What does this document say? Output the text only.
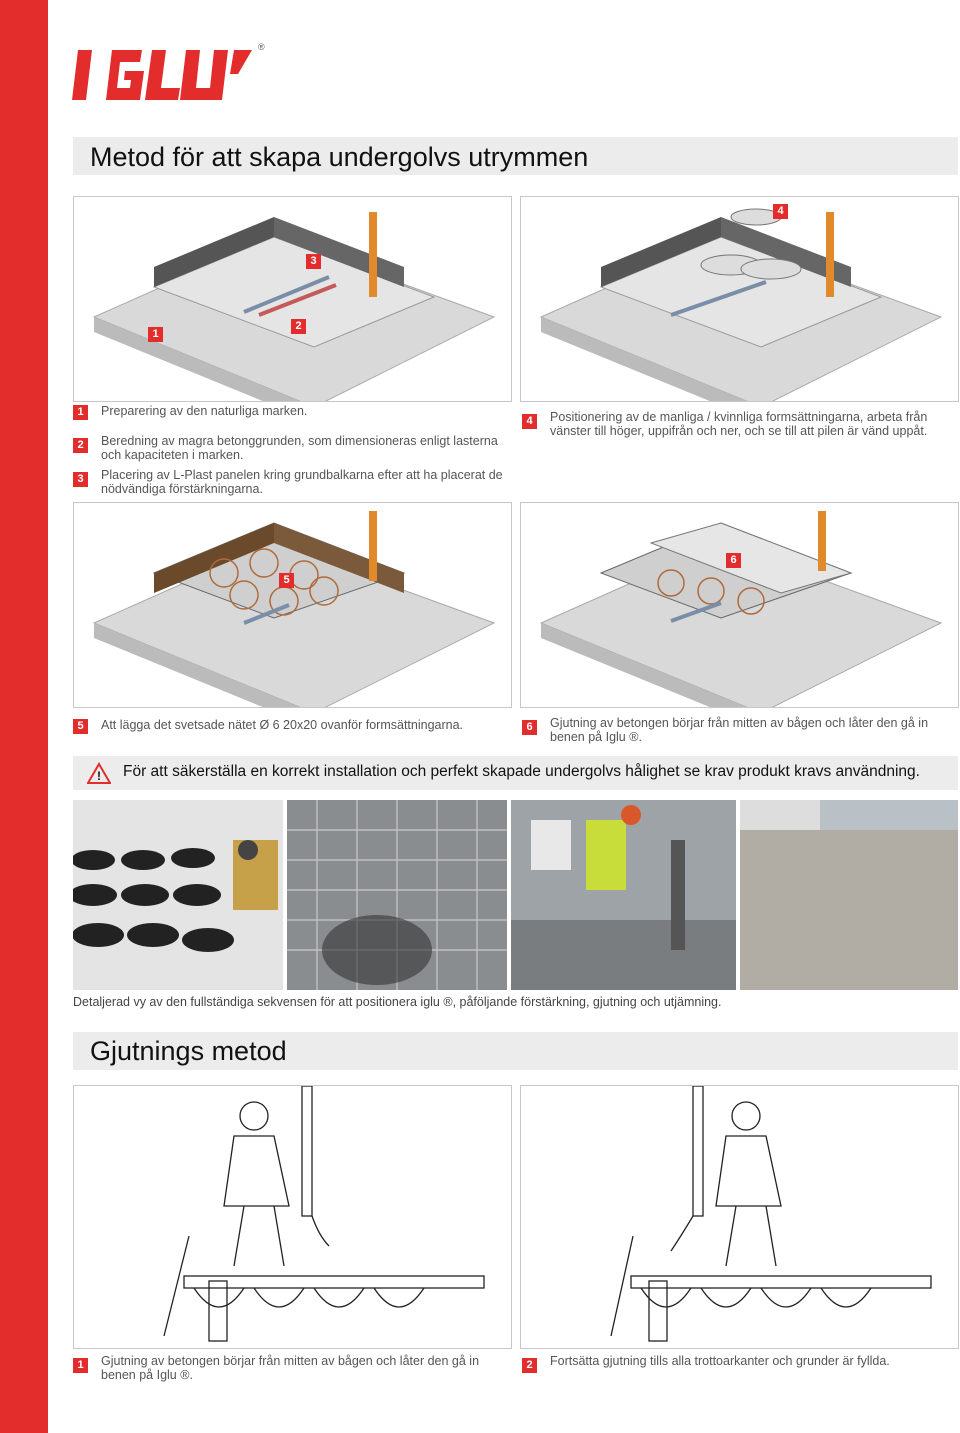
16
®
Metod för att skapa undergolvs utrymmen
3
2
1
4
1	Preparering av den naturliga marken.
2	Beredning av magra betonggrunden, som dimensioneras enligt lasterna och kapaciteten i marken.
3	Placering av L-Plast panelen kring grundbalkarna efter att ha placerat de nödvändiga förstärkningarna.
4	Positionering av de manliga / kvinnliga formsättningarna, arbeta från vänster till höger, uppifrån och ner, och se till att pilen är vänd uppåt.
5
6
5	Att lägga det svetsade nätet Ø 6 20x20 ovanför formsättningarna.	6	Gjutning av betongen börjar från mitten av bågen och låter den gå in benen på Iglu ®.
! För att säkerställa en korrekt installation och perfekt skapade undergolvs hålighet se krav produkt kravs användning.
Detaljerad vy av den fullständiga sekvensen för att positionera iglu ®, påföljande förstärkning, gjutning och utjämning.
Gjutnings metod
1	Gjutning av betongen börjar från mitten av bågen och låter den gå in benen på Iglu ®.
2	Fortsätta gjutning tills alla trottoarkanter och grunder är fyllda.
